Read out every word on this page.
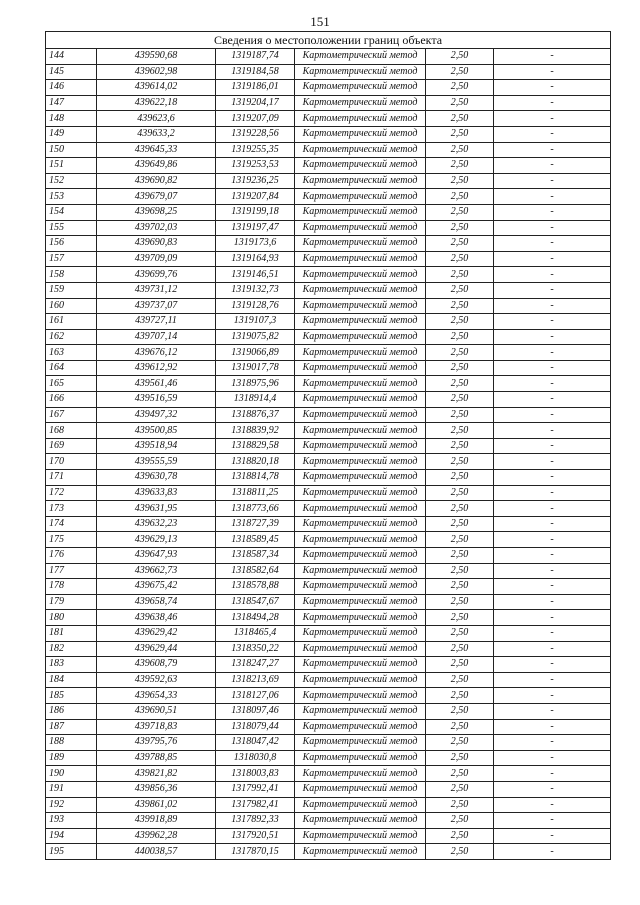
151
Сведения о местоположении границ объекта					
144	439590,68	1319187,74	Картометрический метод	2,50	-
145	439602,98	1319184,58	Картометрический метод	2,50	-
146	439614,02	1319186,01	Картометрический метод	2,50	-
147	439622,18	1319204,17	Картометрический метод	2,50	-
148	439623,6	1319207,09	Картометрический метод	2,50	-
149	439633,2	1319228,56	Картометрический метод	2,50	-
150	439645,33	1319255,35	Картометрический метод	2,50	-
151	439649,86	1319253,53	Картометрический метод	2,50	-
152	439690,82	1319236,25	Картометрический метод	2,50	-
153	439679,07	1319207,84	Картометрический метод	2,50	-
154	439698,25	1319199,18	Картометрический метод	2,50	-
155	439702,03	1319197,47	Картометрический метод	2,50	-
156	439690,83	1319173,6	Картометрический метод	2,50	-
157	439709,09	1319164,93	Картометрический метод	2,50	-
158	439699,76	1319146,51	Картометрический метод	2,50	-
159	439731,12	1319132,73	Картометрический метод	2,50	-
160	439737,07	1319128,76	Картометрический метод	2,50	-
161	439727,11	1319107,3	Картометрический метод	2,50	-
162	439707,14	1319075,82	Картометрический метод	2,50	-
163	439676,12	1319066,89	Картометрический метод	2,50	-
164	439612,92	1319017,78	Картометрический метод	2,50	-
165	439561,46	1318975,96	Картометрический метод	2,50	-
166	439516,59	1318914,4	Картометрический метод	2,50	-
167	439497,32	1318876,37	Картометрический метод	2,50	-
168	439500,85	1318839,92	Картометрический метод	2,50	-
169	439518,94	1318829,58	Картометрический метод	2,50	-
170	439555,59	1318820,18	Картометрический метод	2,50	-
171	439630,78	1318814,78	Картометрический метод	2,50	-
172	439633,83	1318811,25	Картометрический метод	2,50	-
173	439631,95	1318773,66	Картометрический метод	2,50	-
174	439632,23	1318727,39	Картометрический метод	2,50	-
175	439629,13	1318589,45	Картометрический метод	2,50	-
176	439647,93	1318587,34	Картометрический метод	2,50	-
177	439662,73	1318582,64	Картометрический метод	2,50	-
178	439675,42	1318578,88	Картометрический метод	2,50	-
179	439658,74	1318547,67	Картометрический метод	2,50	-
180	439638,46	1318494,28	Картометрический метод	2,50	-
181	439629,42	1318465,4	Картометрический метод	2,50	-
182	439629,44	1318350,22	Картометрический метод	2,50	-
183	439608,79	1318247,27	Картометрический метод	2,50	-
184	439592,63	1318213,69	Картометрический метод	2,50	-
185	439654,33	1318127,06	Картометрический метод	2,50	-
186	439690,51	1318097,46	Картометрический метод	2,50	-
187	439718,83	1318079,44	Картометрический метод	2,50	-
188	439795,76	1318047,42	Картометрический метод	2,50	-
189	439788,85	1318030,8	Картометрический метод	2,50	-
190	439821,82	1318003,83	Картометрический метод	2,50	-
191	439856,36	1317992,41	Картометрический метод	2,50	-
192	439861,02	1317982,41	Картометрический метод	2,50	-
193	439918,89	1317892,33	Картометрический метод	2,50	-
194	439962,28	1317920,51	Картометрический метод	2,50	-
195	440038,57	1317870,15	Картометрический метод	2,50	-
